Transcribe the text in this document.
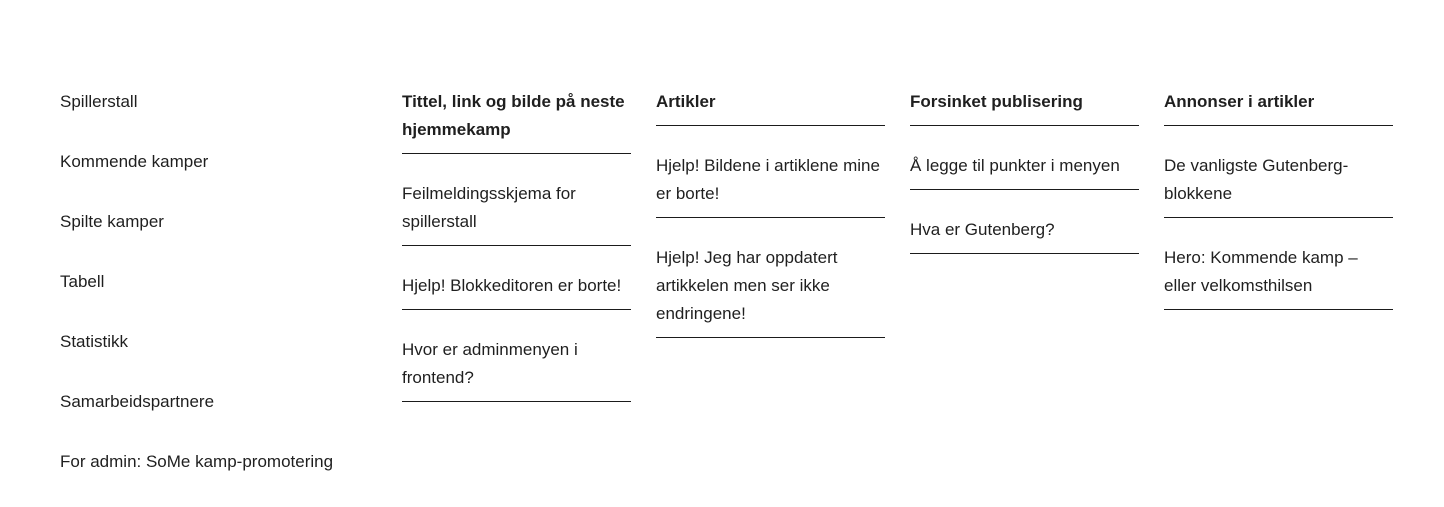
Spillerstall
Kommende kamper
Spilte kamper
Tabell
Statistikk
Samarbeidspartnere
For admin: SoMe kamp-promotering
Tittel, link og bilde på neste hjemmekamp
Feilmeldingsskjema for spillerstall
Hjelp! Blokkeditoren er borte!
Hvor er adminmenyen i frontend?
Artikler
Hjelp! Bildene i artiklene mine er borte!
Hjelp! Jeg har oppdatert artikkelen men ser ikke endringene!
Forsinket publisering
Å legge til punkter i menyen
Hva er Gutenberg?
Annonser i artikler
De vanligste Gutenberg-blokkene
Hero: Kommende kamp – eller velkomsthilsen
